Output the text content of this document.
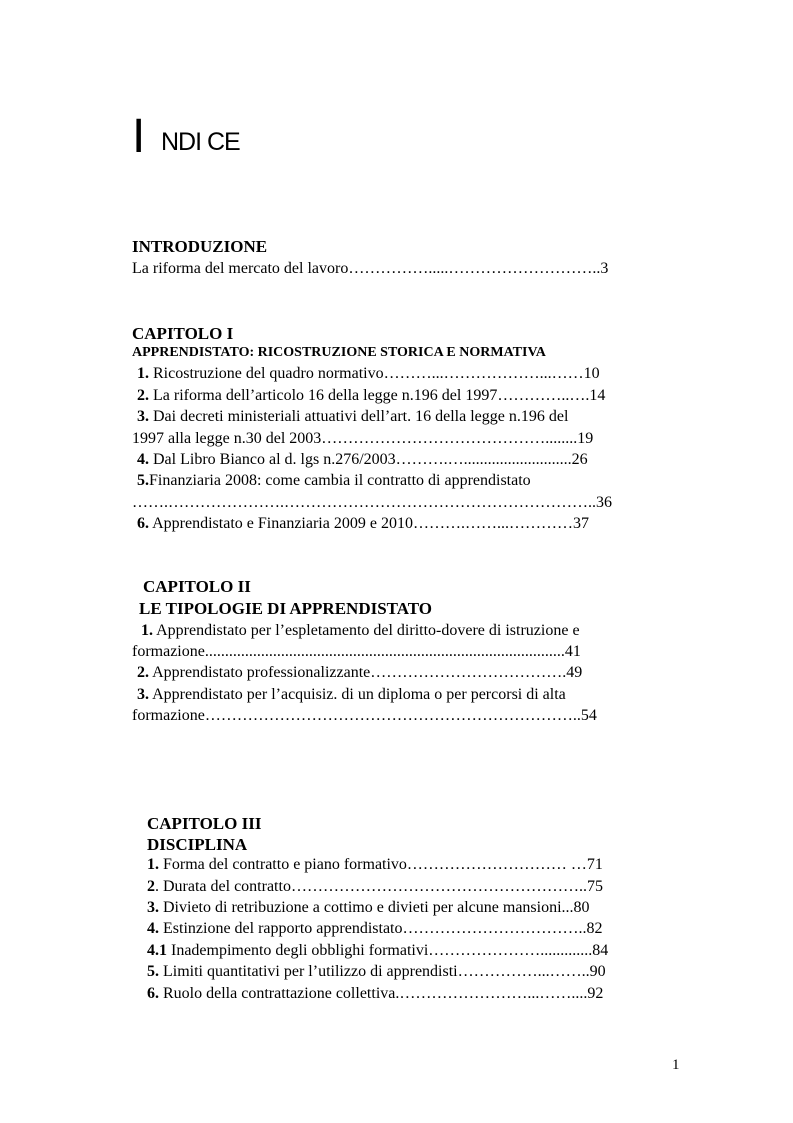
I NDI CE
INTRODUZIONE
La riforma del mercato del lavoro…………….....………………………..3
CAPITOLO I
APPRENDISTATO: RICOSTRUZIONE STORICA E NORMATIVA
1. Ricostruzione del quadro normativo………...………………...……10
2. La riforma dell’articolo 16 della legge n.196 del 1997…………..….14
3. Dai decreti ministeriali attuativi dell’art. 16 della legge n.196 del
1997 alla legge n.30 del 2003……………………………………........19
4. Dal Libro Bianco al d. lgs n.276/2003……….…...........................26
5.Finanziaria 2008: come cambia il contratto di apprendistato
…….………………….…………………………………………………..36
6. Apprendistato e Finanziaria 2009 e 2010……….……...…………37
CAPITOLO II
LE TIPOLOGIE DI APPRENDISTATO
1. Apprendistato per l’espletamento del diritto-dovere di istruzione e
formazione..........................................................................................41
2. Apprendistato professionalizzante……………………………….49
3. Apprendistato per l’acquisiz. di un diploma o per percorsi di alta
formazione……………………………………………………………..54
CAPITOLO III
DISCIPLINA
1. Forma del contratto e piano formativo………………………… …71
2. Durata del contratto………………………………………………..75
3. Divieto di retribuzione a cottimo e divieti per alcune mansioni...80
4. Estinzione del rapporto apprendistato……………………………..82
4.1 Inadempimento degli obblighi formativi………………….............84
5. Limiti quantitativi per l’utilizzo di apprendisti……………...……..90
6. Ruolo della contrattazione collettiva.……………………...……....92
1
